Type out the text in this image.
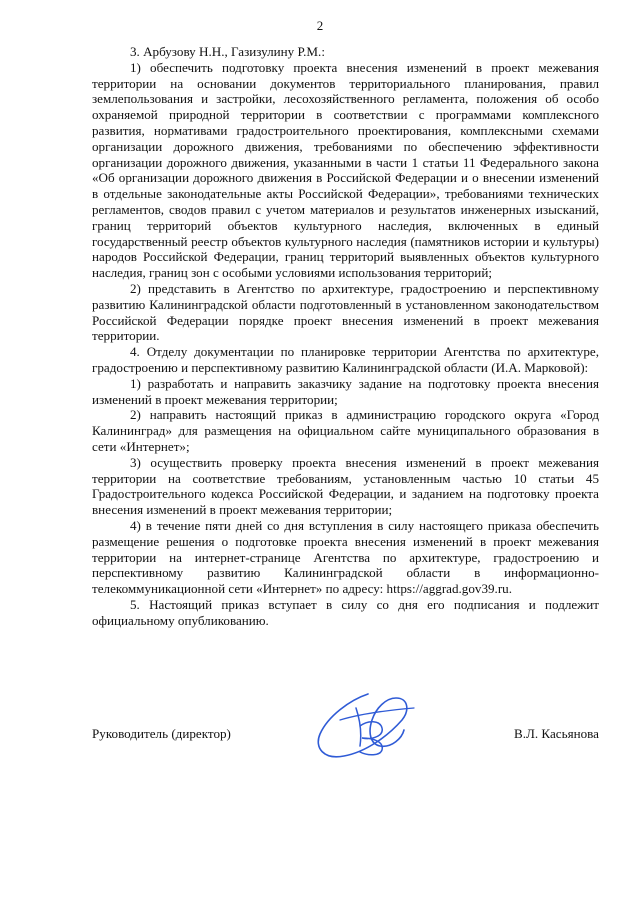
2

3. Арбузову Н.Н., Газизулину Р.М.:

1) обеспечить подготовку проекта внесения изменений в проект межевания территории на основании документов территориального планирования, правил землепользования и застройки, лесохозяйственного регламента, положения об особо охраняемой природной территории в соответствии с программами комплексного развития, нормативами градостроительного проектирования, комплексными схемами организации дорожного движения, требованиями по обеспечению эффективности организации дорожного движения, указанными в части 1 статьи 11 Федерального закона «Об организации дорожного движения в Российской Федерации и о внесении изменений в отдельные законодательные акты Российской Федерации», требованиями технических регламентов, сводов правил с учетом материалов и результатов инженерных изысканий, границ территорий объектов культурного наследия, включенных в единый государственный реестр объектов культурного наследия (памятников истории и культуры) народов Российской Федерации, границ территорий выявленных объектов культурного наследия, границ зон с особыми условиями использования территорий;

2) представить в Агентство по архитектуре, градостроению и перспективному развитию Калининградской области подготовленный в установленном законодательством Российской Федерации порядке проект внесения изменений в проект межевания территории.

4. Отделу документации по планировке территории Агентства по архитектуре, градостроению и перспективному развитию Калининградской области (И.А. Марковой):

1) разработать и направить заказчику задание на подготовку проекта внесения изменений в проект межевания территории;

2) направить настоящий приказ в администрацию городского округа «Город Калининград» для размещения на официальном сайте муниципального образования в сети «Интернет»;

3) осуществить проверку проекта внесения изменений в проект межевания территории на соответствие требованиям, установленным частью 10 статьи 45 Градостроительного кодекса Российской Федерации, и заданием на подготовку проекта внесения изменений в проект межевания территории;

4) в течение пяти дней со дня вступления в силу настоящего приказа обеспечить размещение решения о подготовке проекта внесения изменений в проект межевания территории на интернет-странице Агентства по архитектуре, градостроению и перспективному развитию Калининградской области в информационно-телекоммуникационной сети «Интернет» по адресу: https://aggrad.gov39.ru.

5. Настоящий приказ вступает в силу со дня его подписания и подлежит официальному опубликованию.

Руководитель (директор)	В.Л. Касьянова
